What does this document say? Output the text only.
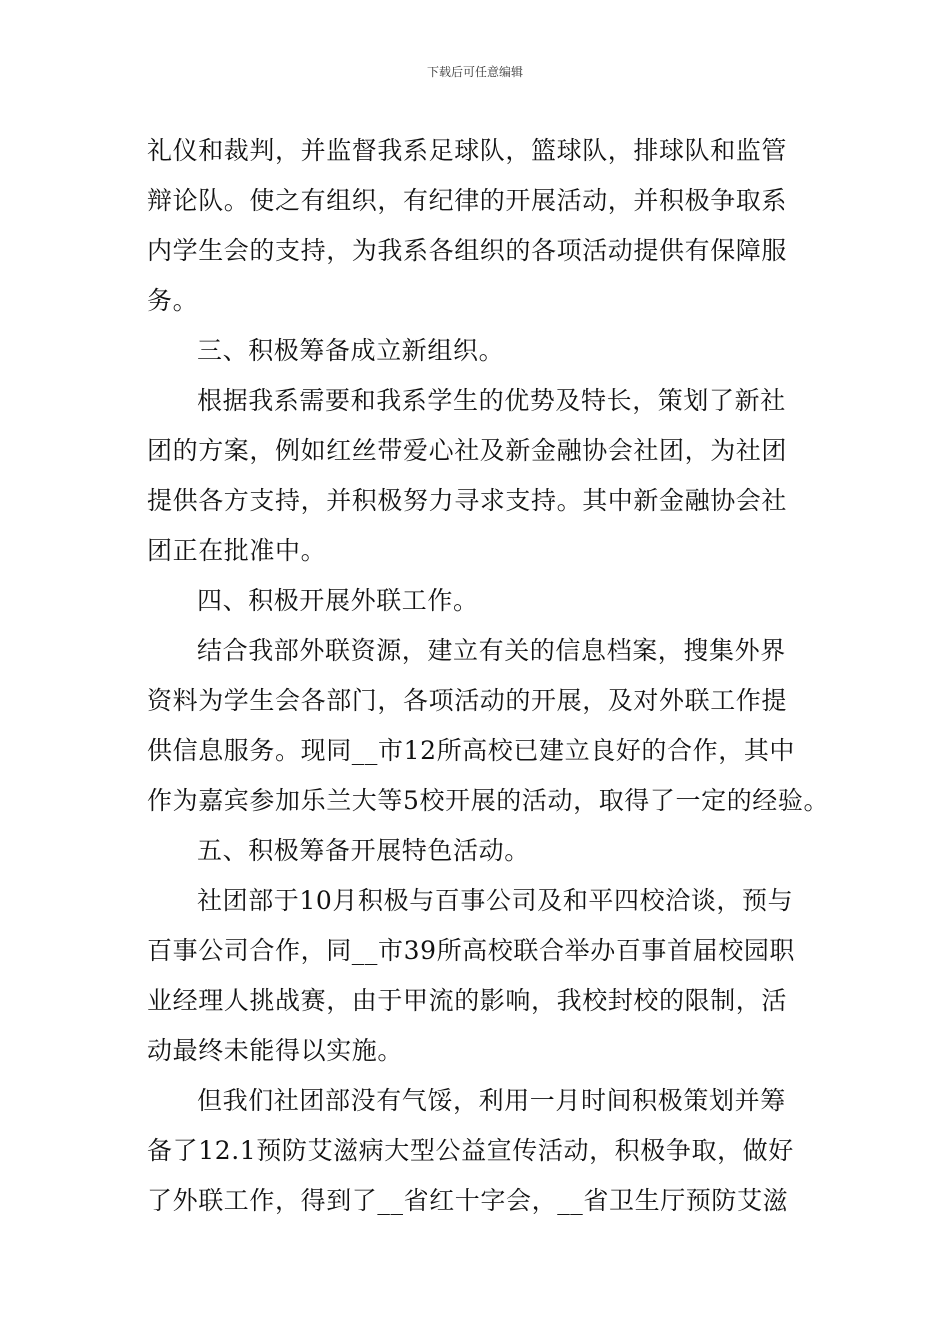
下载后可任意编辑
礼仪和裁判，并监督我系足球队，篮球队，排球队和监管
辩论队。使之有组织，有纪律的开展活动，并积极争取系
内学生会的支持，为我系各组织的各项活动提供有保障服
务。
三、积极筹备成立新组织。
根据我系需要和我系学生的优势及特长，策划了新社
团的方案，例如红丝带爱心社及新金融协会社团，为社团
提供各方支持，并积极努力寻求支持。其中新金融协会社
团正在批准中。
四、积极开展外联工作。
结合我部外联资源，建立有关的信息档案，搜集外界
资料为学生会各部门，各项活动的开展，及对外联工作提
供信息服务。现同__市12所高校已建立良好的合作，其中
作为嘉宾参加乐兰大等5校开展的活动，取得了一定的经验。
五、积极筹备开展特色活动。
社团部于10月积极与百事公司及和平四校洽谈，预与
百事公司合作，同__市39所高校联合举办百事首届校园职
业经理人挑战赛，由于甲流的影响，我校封校的限制，活
动最终未能得以实施。
但我们社团部没有气馁，利用一月时间积极策划并筹
备了12.1预防艾滋病大型公益宣传活动，积极争取，做好
了外联工作，得到了__省红十字会，__省卫生厅预防艾滋
